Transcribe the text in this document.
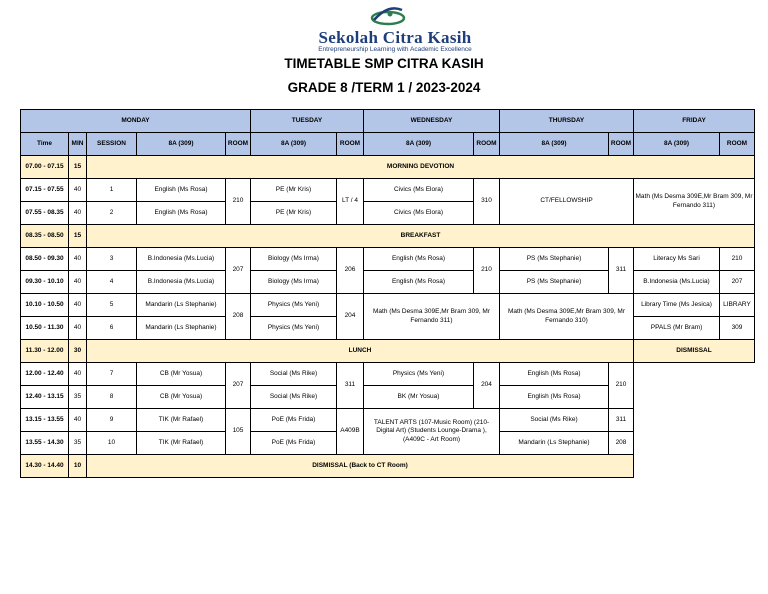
Sekolah Citra Kasih
Entrepreneurship Learning with Academic Excellence
TIMETABLE SMP CITRA KASIH
GRADE 8 /TERM 1 / 2023-2024
MONDAY					TUESDAY		WEDNESDAY		THURSDAY		FRIDAY	
Time	MIN	SESSION	8A (309)	ROOM	8A (309)	ROOM	8A (309)	ROOM	8A (309)	ROOM	8A (309)	ROOM
07.00 - 07.15	15	MORNING DEVOTION										
07.15 - 07.55	40	1	English (Ms Rosa)	210	PE (Mr Kris)	LT / 4	Civics (Ms Elora)	310	CT/FELLOWSHIP		Math (Ms Desma 309E,Mr Bram 309, Mr Fernando 311)	
07.55 - 08.35	40	2	English (Ms Rosa)		PE (Mr Kris)		Civics (Ms Elora)					
08.35 - 08.50	15	BREAKFAST										
08.50 - 09.30	40	3	B.Indonesia (Ms.Lucia)	207	Biology (Ms Irma)	206	English (Ms Rosa)	210	PS (Ms Stephanie)	311	Literacy Ms Sari	210
09.30 - 10.10	40	4	B.Indonesia (Ms.Lucia)		Biology (Ms Irma)		English (Ms Rosa)		PS (Ms Stephanie)		B.Indonesia (Ms.Lucia)	207
10.10 - 10.50	40	5	Mandarin (Ls Stephanie)	208	Physics (Ms Yeni)	204	Math (Ms Desma 309E,Mr Bram 309, Mr Fernando 311)		Math (Ms Desma 309E,Mr Bram 309, Mr Fernando 310)		Library Time (Ms Jesica)	LIBRARY
10.50 - 11.30	40	6	Mandarin (Ls Stephanie)		Physics (Ms Yeni)						PPALS (Mr Bram)	309
11.30 - 12.00	30	LUNCH									DISMISSAL	
12.00 - 12.40	40	7	CB (Mr Yosua)	207	Social (Ms Rike)	311	Physics (Ms Yeni)	204	English (Ms Rosa)	210		
12.40 - 13.15	35	8	CB (Mr Yosua)		Social (Ms Rike)		BK (Mr Yosua)		English (Ms Rosa)			
13.15 - 13.55	40	9	TIK (Mr Rafael)	105	PoE (Ms Frida)	A409B	TALENT ARTS (107-Music Room) (210-Digital Art) (Students Lounge-Drama ), (A409C - Art Room)		Social (Ms Rike)	311		
13.55 - 14.30	35	10	TIK (Mr Rafael)		PoE (Ms Frida)				Mandarin (Ls Stephanie)	208		
14.30 - 14.40	10	DISMISSAL (Back to CT Room)										
